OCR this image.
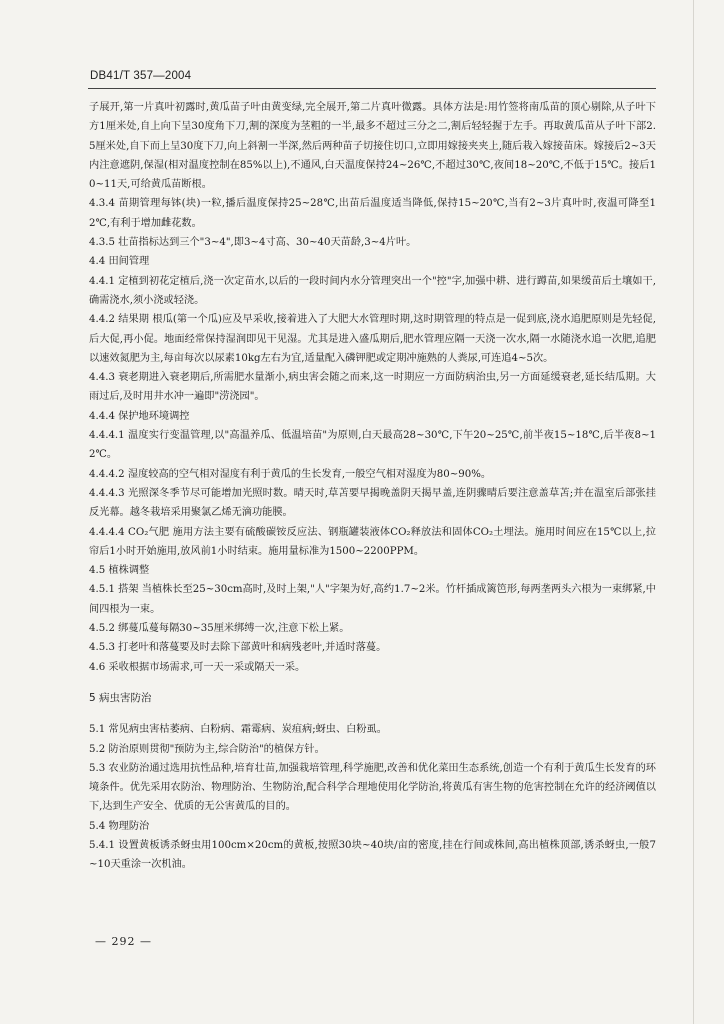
DB41/T 357—2004

子展开,第一片真叶初露时,黄瓜苗子叶由黄变绿,完全展开,第二片真叶微露。具体方法是:用竹签将南瓜苗的顶心剔除,从子叶下方1厘米处,自上向下呈30度角下刀,割的深度为茎粗的一半,最多不超过三分之二,割后轻轻握于左手。再取黄瓜苗从子叶下部2.5厘米处,自下而上呈30度下刀,向上斜割一半深,然后两种苗子切接住切口,立即用嫁接夹夹上,随后栽入嫁接苗床。嫁接后2~3天内注意遮阴,保湿(相对温度控制在85%以上),不通风,白天温度保持24~26℃,不超过30℃,夜间18~20℃,不低于15℃。接后10~11天,可给黄瓜苗断根。

4.3.4 苗期管理每钵(块)一粒,播后温度保持25~28℃,出苗后温度适当降低,保持15~20℃,当有2~3片真叶时,夜温可降至12℃,有利于增加雌花数。

4.3.5 壮苗指标达到三个"3~4",即3~4寸高、30~40天苗龄,3~4片叶。

4.4 田间管理

4.4.1 定植到初花定植后,浇一次定苗水,以后的一段时间内水分管理突出一个"控"字,加强中耕、进行蹲苗,如果缓苗后土壤如干,确需浇水,须小浇或轻浇。

4.4.2 结果期 根瓜(第一个瓜)应及早采收,接着进入了大肥大水管理时期,这时期管理的特点是一促到底,浇水追肥原则是先轻促,后大促,再小促。地面经常保持湿润即见干见湿。尤其是进入盛瓜期后,肥水管理应隔一天浇一次水,隔一水随浇水追一次肥,追肥以速效氮肥为主,每亩每次以尿素10kg左右为宜,适量配入磷钾肥或定期冲施熟的人粪尿,可连追4~5次。

4.4.3 衰老期进入衰老期后,所需肥水量渐小,病虫害会随之而来,这一时期应一方面防病治虫,另一方面延缓衰老,延长结瓜期。大雨过后,及时用井水冲一遍即"涝浇园"。

4.4.4 保护地环境调控

4.4.4.1 温度实行变温管理,以"高温养瓜、低温培苗"为原则,白天最高28~30℃,下午20~25℃,前半夜15~18℃,后半夜8~12℃。

4.4.4.2 湿度较高的空气相对湿度有利于黄瓜的生长发育,一般空气相对湿度为80~90%。

4.4.4.3 光照深冬季节尽可能增加光照时数。晴天时,草苫要早揭晚盖阴天揭早盖,连阴骤晴后要注意盖草苫;并在温室后部张挂反光幕。越冬栽培采用聚氯乙烯无滴功能膜。

4.4.4.4 CO₂气肥 施用方法主要有硫酸碳铵反应法、钢瓶罐装液体CO₂释放法和固体CO₂土埋法。施用时间应在15℃以上,拉帘后1小时开始施用,放风前1小时结束。施用量标准为1500~2200PPM。

4.5 植株调整

4.5.1 搭架 当植株长至25~30cm高时,及时上架,"人"字架为好,高约1.7~2米。竹杆插成篱笆形,每两垄两头六根为一束绑紧,中间四根为一束。

4.5.2 绑蔓瓜蔓每隔30~35厘米绑缚一次,注意下松上紧。

4.5.3 打老叶和落蔓要及时去除下部黄叶和病残老叶,并适时落蔓。

4.6 采收根据市场需求,可一天一采或隔天一采。

5 病虫害防治

5.1 常见病虫害枯萎病、白粉病、霜霉病、炭疽病;蚜虫、白粉虱。

5.2 防治原则贯彻"预防为主,综合防治"的植保方针。

5.3 农业防治通过选用抗性品种,培育壮苗,加强栽培管理,科学施肥,改善和优化菜田生态系统,创造一个有利于黄瓜生长发育的环境条件。优先采用农防治、物理防治、生物防治,配合科学合理地使用化学防治,将黄瓜有害生物的危害控制在允许的经济阈值以下,达到生产安全、优质的无公害黄瓜的目的。

5.4 物理防治

5.4.1 设置黄板诱杀蚜虫用100cm×20cm的黄板,按照30块~40块/亩的密度,挂在行间或株间,高出植株顶部,诱杀蚜虫,一般7~10天重涂一次机油。

— 292 —
